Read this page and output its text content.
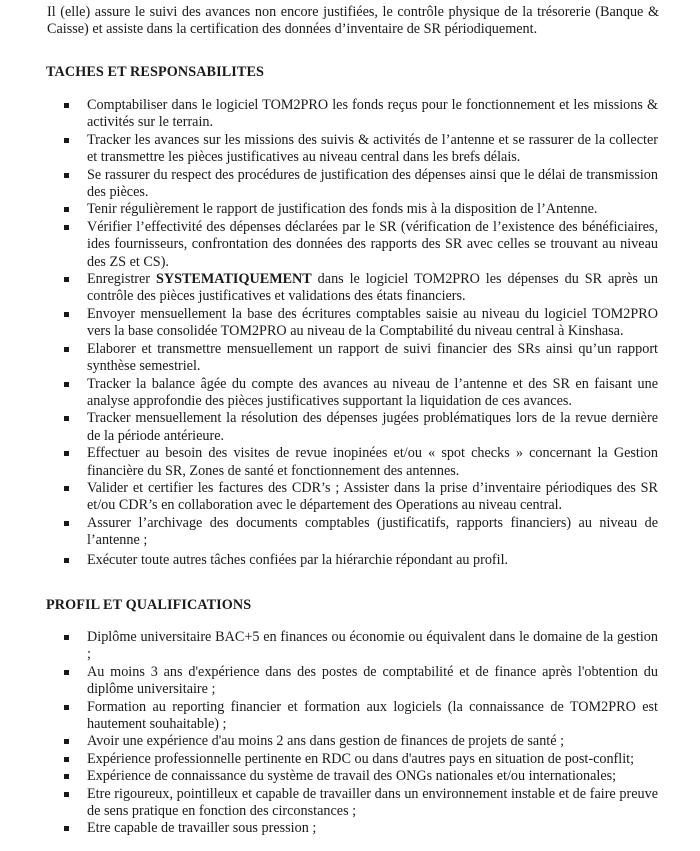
Il (elle) assure le suivi des avances non encore justifiées, le contrôle physique de la trésorerie (Banque & Caisse) et assiste dans la certification des données d’inventaire de SR périodiquement.

TACHES ET RESPONSABILITES
Comptabiliser dans le logiciel TOM2PRO les fonds reçus pour le fonctionnement et les missions & activités sur le terrain.
Tracker les avances sur les missions des suivis & activités de l’antenne et se rassurer de la collecter et transmettre les pièces justificatives au niveau central dans les brefs délais.
Se rassurer du respect des procédures de justification des dépenses ainsi que le délai de transmission des pièces.
Tenir régulièrement le rapport de justification des fonds mis à la disposition de l’Antenne.
Vérifier l’effectivité des dépenses déclarées par le SR (vérification de l’existence des bénéficiaires, ides fournisseurs, confrontation des données des rapports des SR avec celles se trouvant au niveau des ZS et CS).
Enregistrer SYSTEMATIQUEMENT dans le logiciel TOM2PRO les dépenses du SR après un contrôle des pièces justificatives et validations des états financiers.
Envoyer mensuellement la base des écritures comptables saisie au niveau du logiciel TOM2PRO vers la base consolidée TOM2PRO au niveau de la Comptabilité du niveau central à Kinshasa.
Elaborer et transmettre mensuellement un rapport de suivi financier des SRs ainsi qu’un rapport synthèse semestriel.
Tracker la balance âgée du compte des avances au niveau de l’antenne et des SR en faisant une analyse approfondie des pièces justificatives supportant la liquidation de ces avances.
Tracker mensuellement la résolution des dépenses jugées problématiques lors de la revue dernière de la période antérieure.
Effectuer au besoin des visites de revue inopinées et/ou « spot checks » concernant la Gestion financière du SR, Zones de santé et fonctionnement des antennes.
Valider et certifier les factures des CDR’s ; Assister dans la prise d’inventaire périodiques des SR et/ou CDR’s en collaboration avec le département des Operations au niveau central.
Assurer l’archivage des documents comptables (justificatifs, rapports financiers) au niveau de l’antenne ;
Exécuter toute autres tâches confiées par la hiérarchie répondant au profil.
PROFIL ET QUALIFICATIONS
Diplôme universitaire BAC+5 en finances ou économie ou équivalent dans le domaine de la gestion ;
Au moins 3 ans d'expérience dans des postes de comptabilité et de finance après l'obtention du diplôme universitaire ;
Formation au reporting financier et formation aux logiciels (la connaissance de TOM2PRO est hautement souhaitable) ;
Avoir une expérience d'au moins 2 ans dans gestion de finances de projets de santé ;
Expérience professionnelle pertinente en RDC ou dans d'autres pays en situation de post-conflit;
Expérience de connaissance du système de travail des ONGs nationales et/ou internationales;
Etre rigoureux, pointilleux et capable de travailler dans un environnement instable et de faire preuve de sens pratique en fonction des circonstances ;
Etre capable de travailler sous pression ;
